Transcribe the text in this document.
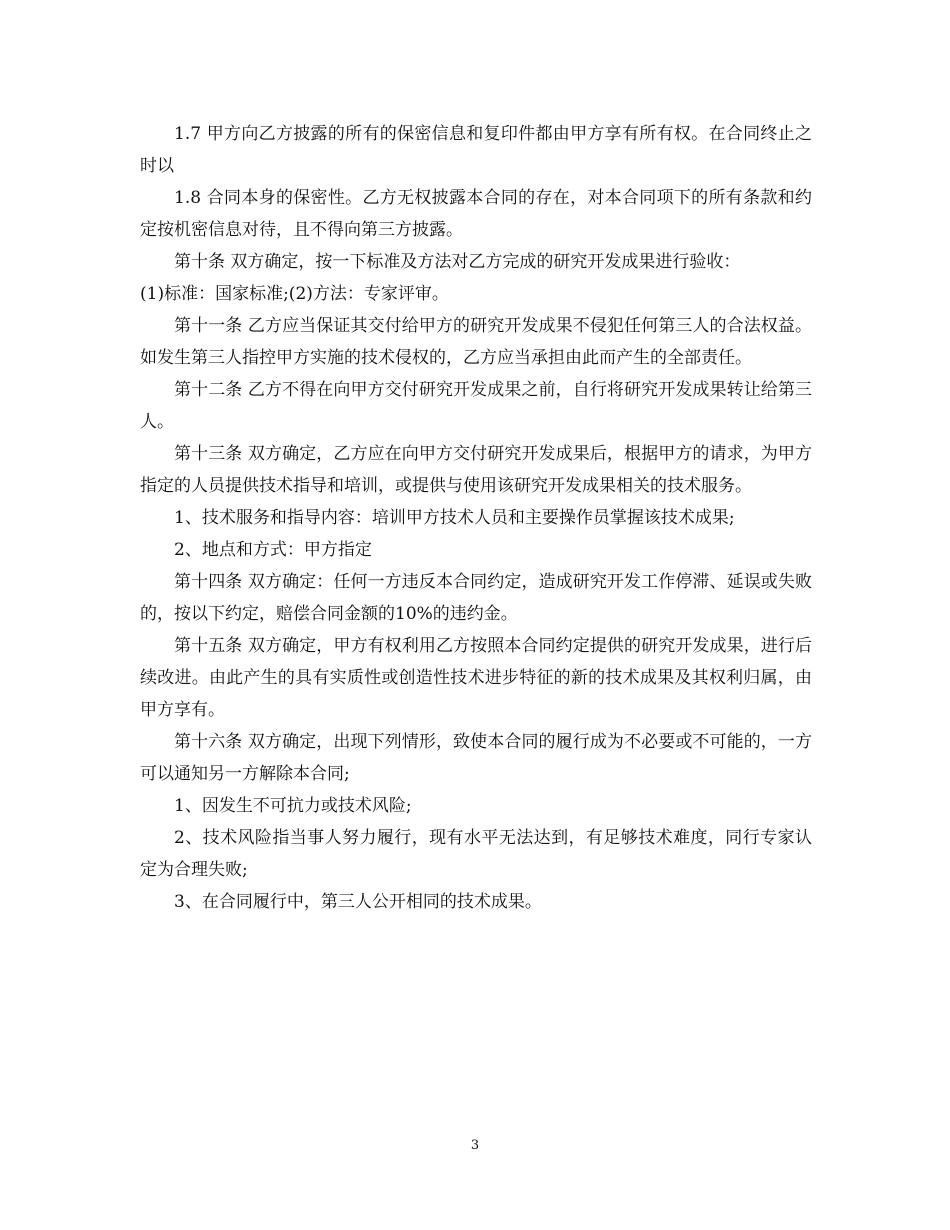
1.7 甲方向乙方披露的所有的保密信息和复印件都由甲方享有所有权。在合同终止之时以

1.8 合同本身的保密性。乙方无权披露本合同的存在，对本合同项下的所有条款和约定按机密信息对待，且不得向第三方披露。

第十条 双方确定，按一下标准及方法对乙方完成的研究开发成果进行验收：

(1)标准：国家标准;(2)方法：专家评审。

第十一条 乙方应当保证其交付给甲方的研究开发成果不侵犯任何第三人的合法权益。如发生第三人指控甲方实施的技术侵权的，乙方应当承担由此而产生的全部责任。

第十二条 乙方不得在向甲方交付研究开发成果之前，自行将研究开发成果转让给第三人。

第十三条 双方确定，乙方应在向甲方交付研究开发成果后，根据甲方的请求，为甲方指定的人员提供技术指导和培训，或提供与使用该研究开发成果相关的技术服务。

1、技术服务和指导内容：培训甲方技术人员和主要操作员掌握该技术成果;

2、地点和方式：甲方指定

第十四条 双方确定：任何一方违反本合同约定，造成研究开发工作停滞、延误或失败的，按以下约定，赔偿合同金额的10%的违约金。

第十五条 双方确定，甲方有权利用乙方按照本合同约定提供的研究开发成果，进行后续改进。由此产生的具有实质性或创造性技术进步特征的新的技术成果及其权利归属，由甲方享有。

第十六条 双方确定，出现下列情形，致使本合同的履行成为不必要或不可能的，一方可以通知另一方解除本合同;

1、因发生不可抗力或技术风险;

2、技术风险指当事人努力履行，现有水平无法达到，有足够技术难度，同行专家认定为合理失败;

3、在合同履行中，第三人公开相同的技术成果。

3
